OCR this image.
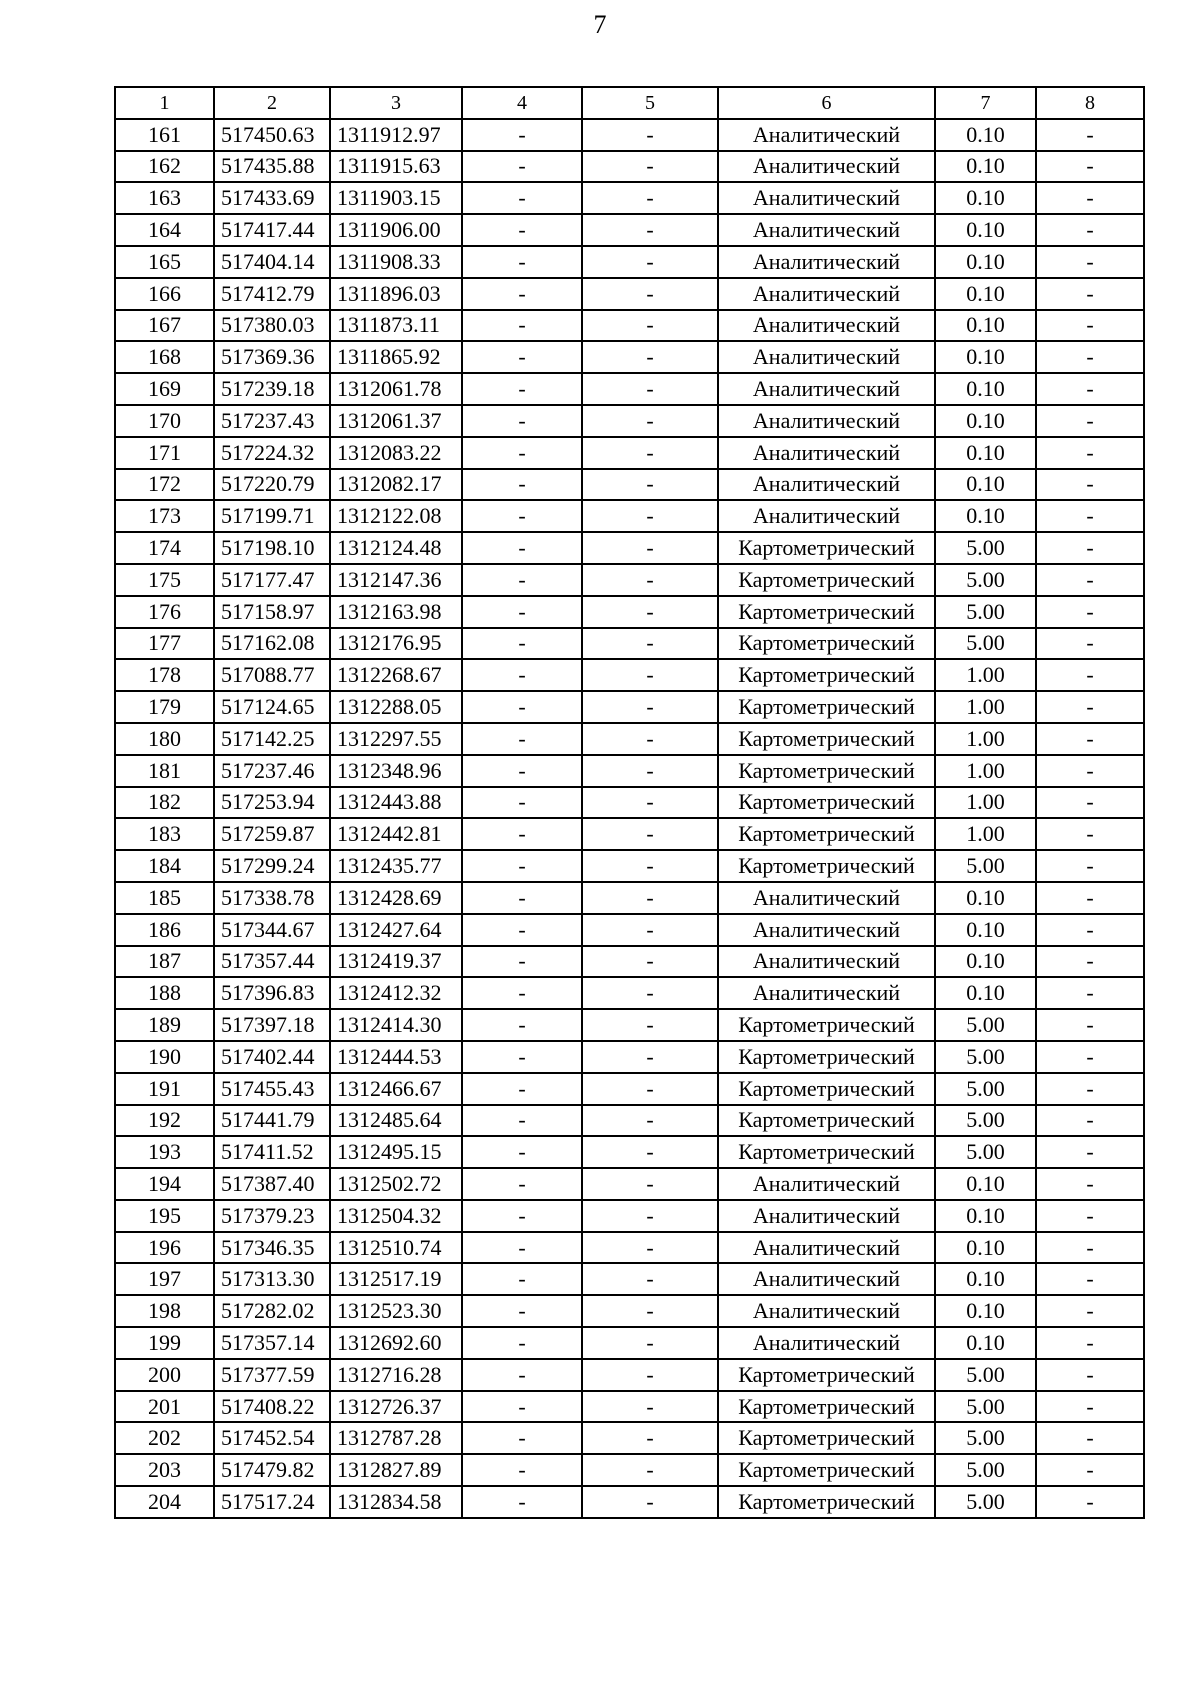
7
1	2	3	4	5	6	7	8
161	517450.63	1311912.97	-	-	Аналитический	0.10	-
162	517435.88	1311915.63	-	-	Аналитический	0.10	-
163	517433.69	1311903.15	-	-	Аналитический	0.10	-
164	517417.44	1311906.00	-	-	Аналитический	0.10	-
165	517404.14	1311908.33	-	-	Аналитический	0.10	-
166	517412.79	1311896.03	-	-	Аналитический	0.10	-
167	517380.03	1311873.11	-	-	Аналитический	0.10	-
168	517369.36	1311865.92	-	-	Аналитический	0.10	-
169	517239.18	1312061.78	-	-	Аналитический	0.10	-
170	517237.43	1312061.37	-	-	Аналитический	0.10	-
171	517224.32	1312083.22	-	-	Аналитический	0.10	-
172	517220.79	1312082.17	-	-	Аналитический	0.10	-
173	517199.71	1312122.08	-	-	Аналитический	0.10	-
174	517198.10	1312124.48	-	-	Картометрический	5.00	-
175	517177.47	1312147.36	-	-	Картометрический	5.00	-
176	517158.97	1312163.98	-	-	Картометрический	5.00	-
177	517162.08	1312176.95	-	-	Картометрический	5.00	-
178	517088.77	1312268.67	-	-	Картометрический	1.00	-
179	517124.65	1312288.05	-	-	Картометрический	1.00	-
180	517142.25	1312297.55	-	-	Картометрический	1.00	-
181	517237.46	1312348.96	-	-	Картометрический	1.00	-
182	517253.94	1312443.88	-	-	Картометрический	1.00	-
183	517259.87	1312442.81	-	-	Картометрический	1.00	-
184	517299.24	1312435.77	-	-	Картометрический	5.00	-
185	517338.78	1312428.69	-	-	Аналитический	0.10	-
186	517344.67	1312427.64	-	-	Аналитический	0.10	-
187	517357.44	1312419.37	-	-	Аналитический	0.10	-
188	517396.83	1312412.32	-	-	Аналитический	0.10	-
189	517397.18	1312414.30	-	-	Картометрический	5.00	-
190	517402.44	1312444.53	-	-	Картометрический	5.00	-
191	517455.43	1312466.67	-	-	Картометрический	5.00	-
192	517441.79	1312485.64	-	-	Картометрический	5.00	-
193	517411.52	1312495.15	-	-	Картометрический	5.00	-
194	517387.40	1312502.72	-	-	Аналитический	0.10	-
195	517379.23	1312504.32	-	-	Аналитический	0.10	-
196	517346.35	1312510.74	-	-	Аналитический	0.10	-
197	517313.30	1312517.19	-	-	Аналитический	0.10	-
198	517282.02	1312523.30	-	-	Аналитический	0.10	-
199	517357.14	1312692.60	-	-	Аналитический	0.10	-
200	517377.59	1312716.28	-	-	Картометрический	5.00	-
201	517408.22	1312726.37	-	-	Картометрический	5.00	-
202	517452.54	1312787.28	-	-	Картометрический	5.00	-
203	517479.82	1312827.89	-	-	Картометрический	5.00	-
204	517517.24	1312834.58	-	-	Картометрический	5.00	-
